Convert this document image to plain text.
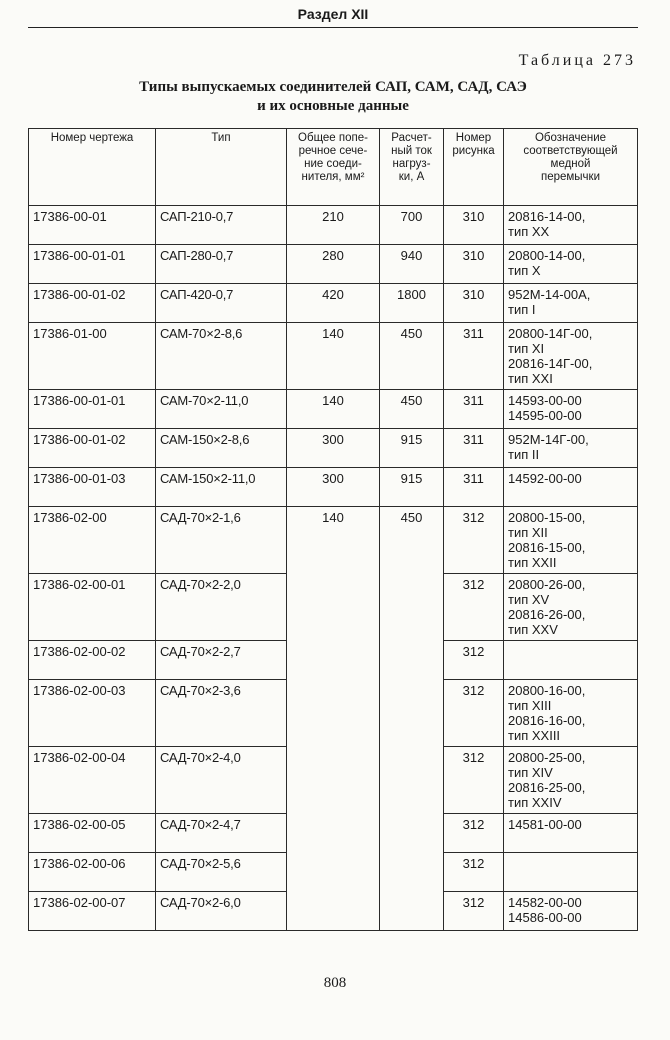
Раздел XII
Таблица 273
Типы выпускаемых соединителей САП, САМ, САД, САЭ
и их основные данные
Номер чертежа	Тип	Общее попе-
речное сече-
ние соеди-
нителя, мм²	Расчет-
ный ток
нагруз-
ки, А	Номер
рисунка	Обозначение
соответствующей
медной
перемычки
17386-00-01	САП-210-0,7	210	700	310	20816-14-00,
тип XX
17386-00-01-01	САП-280-0,7	280	940	310	20800-14-00,
тип X
17386-00-01-02	САП-420-0,7	420	1800	310	952М-14-00А,
тип I
17386-01-00	САМ-70×2-8,6	140	450	311	20800-14Г-00,
тип XI
20816-14Г-00,
тип XXI
17386-00-01-01	САМ-70×2-11,0	140	450	311	14593-00-00
14595-00-00
17386-00-01-02	САМ-150×2-8,6	300	915	311	952М-14Г-00,
тип II
17386-00-01-03	САМ-150×2-11,0	300	915	311	14592-00-00
17386-02-00	САД-70×2-1,6	140	450	312	20800-15-00,
тип XII
20816-15-00,
тип XXII
17386-02-00-01	САД-70×2-2,0			312	20800-26-00,
тип XV
20816-26-00,
тип XXV
17386-02-00-02	САД-70×2-2,7			312	
17386-02-00-03	САД-70×2-3,6			312	20800-16-00,
тип XIII
20816-16-00,
тип XXIII
17386-02-00-04	САД-70×2-4,0			312	20800-25-00,
тип XIV
20816-25-00,
тип XXIV
17386-02-00-05	САД-70×2-4,7			312	14581-00-00
17386-02-00-06	САД-70×2-5,6			312	
17386-02-00-07	САД-70×2-6,0			312	14582-00-00
14586-00-00
808
